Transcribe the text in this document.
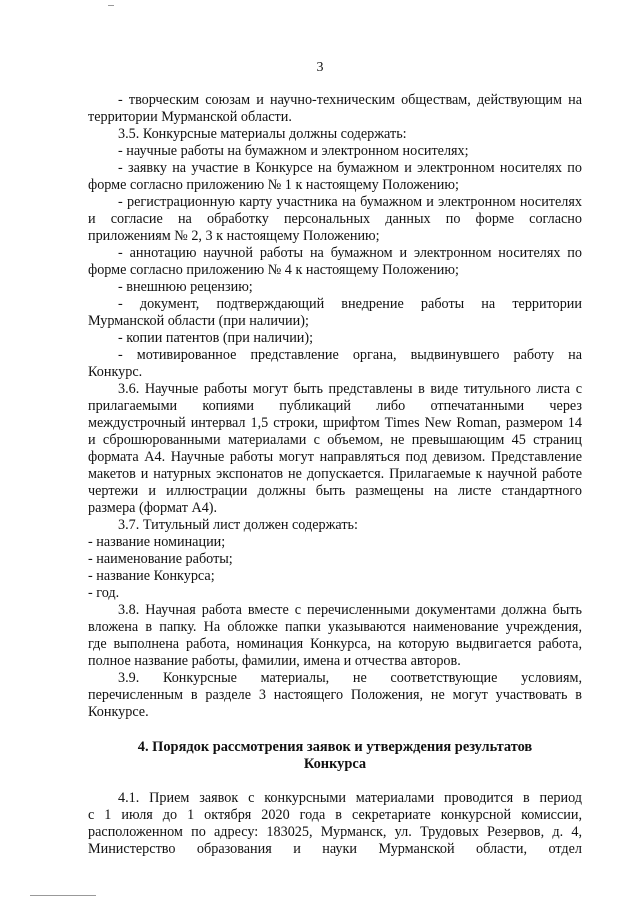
3
- творческим союзам и научно-техническим обществам, действующим на
территории Мурманской области.
3.5. Конкурсные материалы должны содержать:
- научные работы на бумажном и электронном носителях;
- заявку на участие в Конкурсе на бумажном и электронном носителях по
форме согласно приложению № 1 к настоящему Положению;
- регистрационную карту участника на бумажном и электронном носителях
и согласие на обработку персональных данных по форме согласно
приложениям № 2, 3 к настоящему Положению;
- аннотацию научной работы на бумажном и электронном носителях по
форме согласно приложению № 4 к настоящему Положению;
- внешнюю рецензию;
- документ, подтверждающий внедрение работы на территории
Мурманской области (при наличии);
- копии патентов (при наличии);
- мотивированное представление органа, выдвинувшего работу на
Конкурс.
3.6. Научные работы могут быть представлены в виде титульного листа с
прилагаемыми копиями публикаций либо отпечатанными через
междустрочный интервал 1,5 строки, шрифтом Times New Roman, размером 14
и сброшюрованными материалами с объемом, не превышающим 45 страниц
формата А4. Научные работы могут направляться под девизом. Представление
макетов и натурных экспонатов не допускается. Прилагаемые к научной работе
чертежи и иллюстрации должны быть размещены на листе стандартного
размера (формат А4).
3.7. Титульный лист должен содержать:
- название номинации;
- наименование работы;
- название Конкурса;
- год.
3.8. Научная работа вместе с перечисленными документами должна быть
вложена в папку. На обложке папки указываются наименование учреждения,
где выполнена работа, номинация Конкурса, на которую выдвигается работа,
полное название работы, фамилии, имена и отчества авторов.
3.9. Конкурсные материалы, не соответствующие условиям,
перечисленным в разделе 3 настоящего Положения, не могут участвовать в
Конкурсе.
4. Порядок рассмотрения заявок и утверждения результатов
Конкурса
4.1. Прием заявок с конкурсными материалами проводится в период
с 1 июля до 1 октября 2020 года в секретариате конкурсной комиссии,
расположенном по адресу: 183025, Мурманск, ул. Трудовых Резервов, д. 4,
Министерство образования и науки Мурманской области, отдел
